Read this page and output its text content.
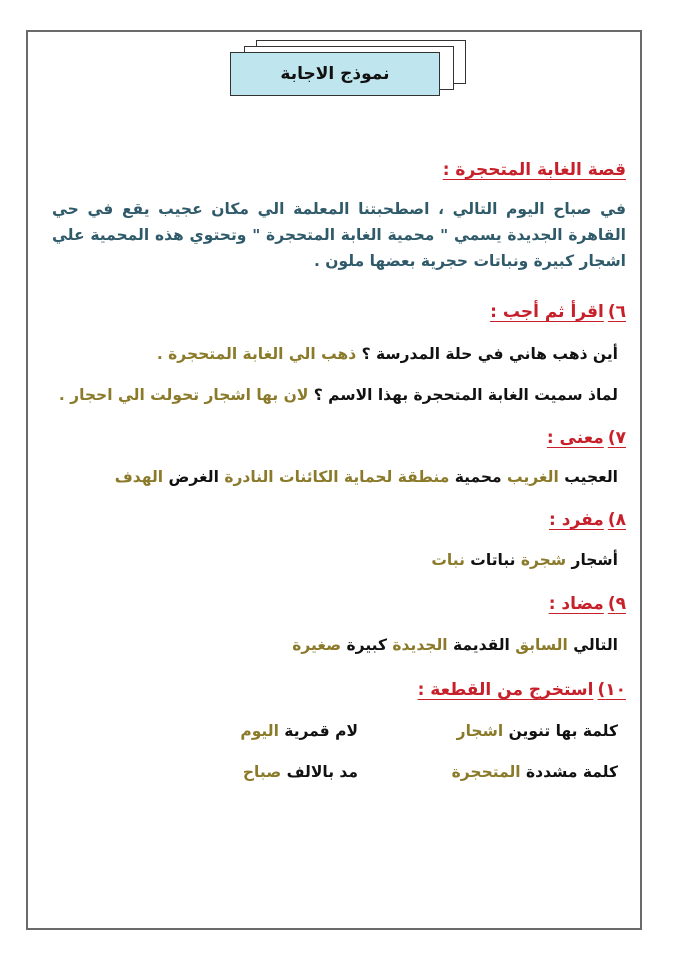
نموذج الاجابة
قصة الغابة المتحجرة :
في صباح اليوم التالي ، اصطحبتنا المعلمة الي مكان عجيب يقع في حي القاهرة الجديدة يسمي " محمية الغابة المتحجرة " وتحتوي هذه المحمية علي اشجار كبيرة ونباتات حجرية بعضها ملون .
٦)اقرأ ثم أجب :
أين ذهب هاني في حلة المدرسة ؟ ذهب الي الغابة المتحجرة .
لماذ سميت الغابة المتحجرة بهذا الاسم ؟ لان بها اشجار تحولت الي احجار .
٧)معنى :
العجيب الغريب محمية منطقة لحماية الكائنات النادرة الغرض الهدف
٨)مفرد :
أشجار شجرة نباتات نبات
٩)مضاد :
التالي السابق القديمة الجديدة كبيرة صغيرة
١٠)استخرج من القطعة :
كلمة بها تنوين اشجار
لام قمرية اليوم
كلمة مشددة المتحجرة
مد بالالف صباح
